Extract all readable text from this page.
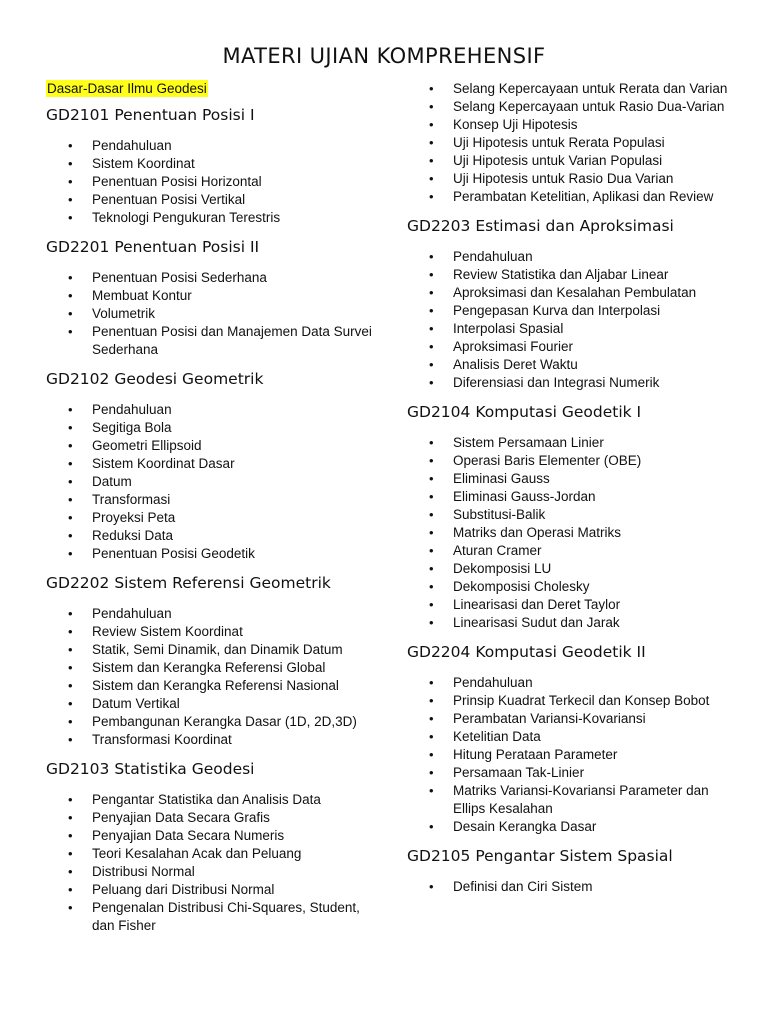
MATERI UJIAN KOMPREHENSIF
Dasar-Dasar Ilmu Geodesi
GD2101 Penentuan Posisi I
• Pendahuluan
• Sistem Koordinat
• Penentuan Posisi Horizontal
• Penentuan Posisi Vertikal
• Teknologi Pengukuran Terestris
GD2201 Penentuan Posisi II
• Penentuan Posisi Sederhana
• Membuat Kontur
• Volumetrik
• Penentuan Posisi dan Manajemen Data Survei Sederhana
GD2102 Geodesi Geometrik
• Pendahuluan
• Segitiga Bola
• Geometri Ellipsoid
• Sistem Koordinat Dasar
• Datum
• Transformasi
• Proyeksi Peta
• Reduksi Data
• Penentuan Posisi Geodetik
GD2202 Sistem Referensi Geometrik
• Pendahuluan
• Review Sistem Koordinat
• Statik, Semi Dinamik, dan Dinamik Datum
• Sistem dan Kerangka Referensi Global
• Sistem dan Kerangka Referensi Nasional
• Datum Vertikal
• Pembangunan Kerangka Dasar (1D, 2D,3D)
• Transformasi Koordinat
GD2103 Statistika Geodesi
• Pengantar Statistika dan Analisis Data
• Penyajian Data Secara Grafis
• Penyajian Data Secara Numeris
• Teori Kesalahan Acak dan Peluang
• Distribusi Normal
• Peluang dari Distribusi Normal
• Pengenalan Distribusi Chi-Squares, Student, dan Fisher
• Selang Kepercayaan untuk Rerata dan Varian
• Selang Kepercayaan untuk Rasio Dua-Varian
• Konsep Uji Hipotesis
• Uji Hipotesis untuk Rerata Populasi
• Uji Hipotesis untuk Varian Populasi
• Uji Hipotesis untuk Rasio Dua Varian
• Perambatan Ketelitian, Aplikasi dan Review
GD2203 Estimasi dan Aproksimasi
• Pendahuluan
• Review Statistika dan Aljabar Linear
• Aproksimasi dan Kesalahan Pembulatan
• Pengepasan Kurva dan Interpolasi
• Interpolasi Spasial
• Aproksimasi Fourier
• Analisis Deret Waktu
• Diferensiasi dan Integrasi Numerik
GD2104 Komputasi Geodetik I
• Sistem Persamaan Linier
• Operasi Baris Elementer (OBE)
• Eliminasi Gauss
• Eliminasi Gauss-Jordan
• Substitusi-Balik
• Matriks dan Operasi Matriks
• Aturan Cramer
• Dekomposisi LU
• Dekomposisi Cholesky
• Linearisasi dan Deret Taylor
• Linearisasi Sudut dan Jarak
GD2204 Komputasi Geodetik II
• Pendahuluan
• Prinsip Kuadrat Terkecil dan Konsep Bobot
• Perambatan Variansi-Kovariansi
• Ketelitian Data
• Hitung Perataan Parameter
• Persamaan Tak-Linier
• Matriks Variansi-Kovariansi Parameter dan Ellips Kesalahan
• Desain Kerangka Dasar
GD2105 Pengantar Sistem Spasial
• Definisi dan Ciri Sistem
